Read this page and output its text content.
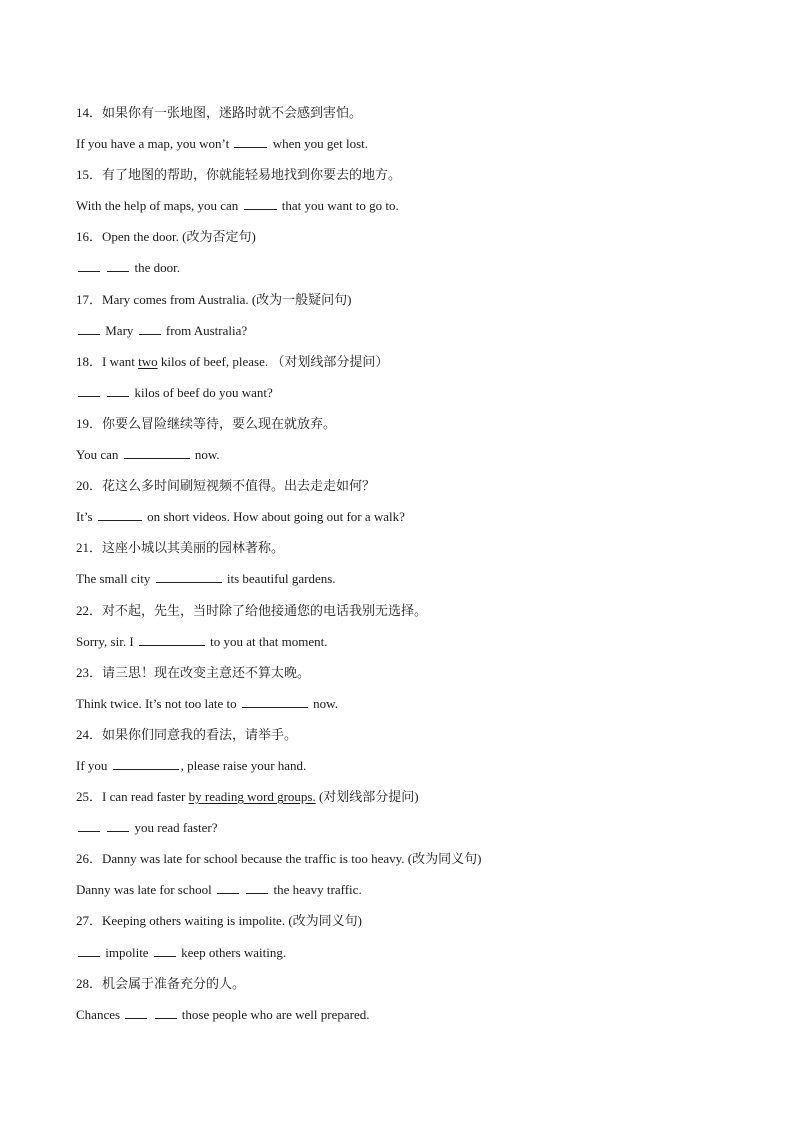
14．如果你有一张地图，迷路时就不会感到害怕。
If you have a map, you won’t	when you get lost.
15．有了地图的帮助，你就能轻易地找到你要去的地方。
With the help of maps, you can	that you want to go to.
16．Open the door. (改为否定句)
the door.
17．Mary comes from Australia. (改为一般疑问句)
Mary  from Australia?
18．I want two kilos of beef, please. （对划线部分提问）
kilos of beef do you want?
19．你要么冒险继续等待，要么现在就放弃。
You can	now.
20．花这么多时间刷短视频不值得。出去走走如何？
It’s	on short videos. How about going out for a walk?
21．这座小城以其美丽的园林著称。
The small city	its beautiful gardens.
22．对不起，先生，当时除了给他接通您的电话我别无选择。
Sorry, sir. I	to you at that moment.
23．请三思！现在改变主意还不算太晚。
Think twice. It’s not too late to	now.
24．如果你们同意我的看法，请举手。
If you	, please raise your hand.
25．I can read faster by reading word groups. (对划线部分提问)
you read faster?
26．Danny was late for school because the traffic is too heavy. (改为同义句)
Danny was late for school	the heavy traffic.
27．Keeping others waiting is impolite. (改为同义句)
impolite  keep others waiting.
28．机会属于准备充分的人。
Chances	those people who are well prepared.
